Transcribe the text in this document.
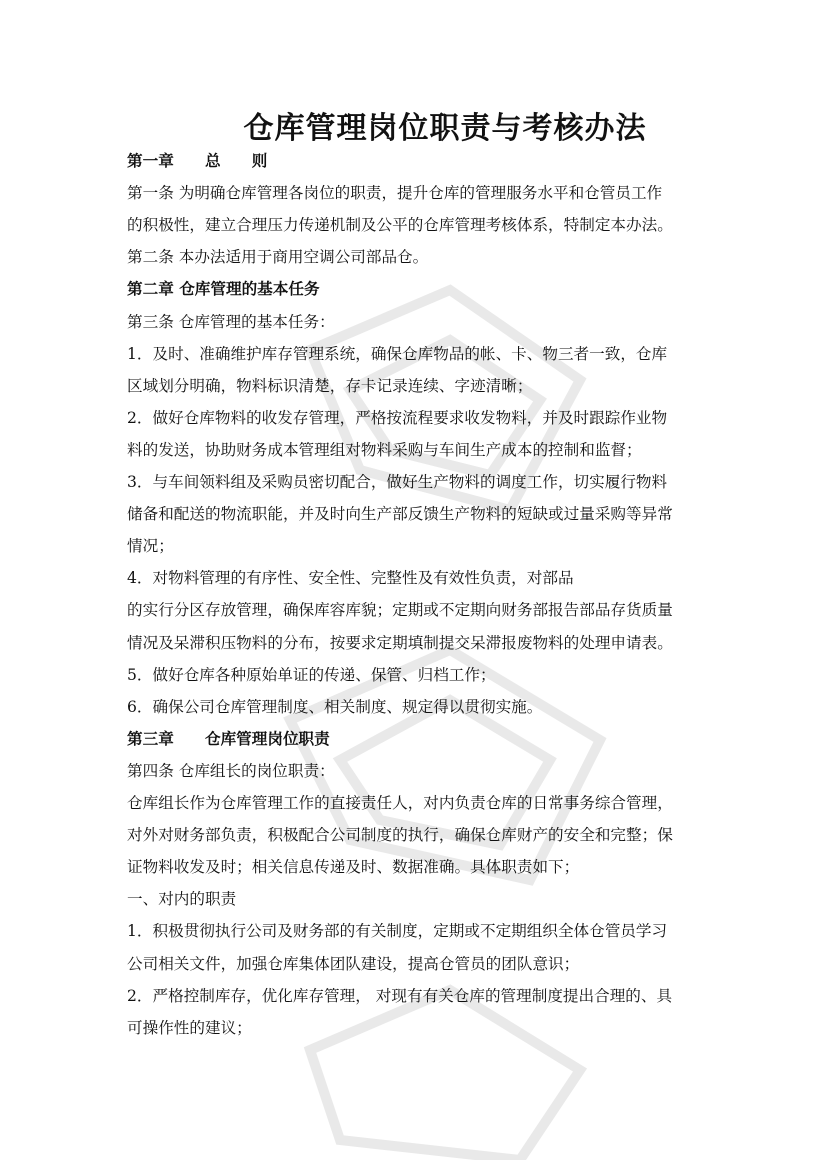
仓库管理岗位职责与考核办法
第一章　　总　　则
第一条 为明确仓库管理各岗位的职责，提升仓库的管理服务水平和仓管员工作
的积极性，建立合理压力传递机制及公平的仓库管理考核体系，特制定本办法。
第二条 本办法适用于商用空调公司部品仓。
第二章 仓库管理的基本任务
第三条 仓库管理的基本任务：
1．及时、准确维护库存管理系统，确保仓库物品的帐、卡、物三者一致，仓库
区域划分明确，物料标识清楚，存卡记录连续、字迹清晰；
2．做好仓库物料的收发存管理，严格按流程要求收发物料，并及时跟踪作业物
料的发送，协助财务成本管理组对物料采购与车间生产成本的控制和监督；
3．与车间领料组及采购员密切配合，做好生产物料的调度工作，切实履行物料
储备和配送的物流职能，并及时向生产部反馈生产物料的短缺或过量采购等异常
情况；
4．对物料管理的有序性、安全性、完整性及有效性负责，对部品
的实行分区存放管理，确保库容库貌；定期或不定期向财务部报告部品存货质量
情况及呆滞积压物料的分布，按要求定期填制提交呆滞报废物料的处理申请表。
5．做好仓库各种原始单证的传递、保管、归档工作；
6．确保公司仓库管理制度、相关制度、规定得以贯彻实施。
第三章　　仓库管理岗位职责
第四条 仓库组长的岗位职责：
仓库组长作为仓库管理工作的直接责任人，对内负责仓库的日常事务综合管理，
对外对财务部负责，积极配合公司制度的执行，确保仓库财产的安全和完整；保
证物料收发及时；相关信息传递及时、数据准确。具体职责如下；
一、对内的职责
1．积极贯彻执行公司及财务部的有关制度，定期或不定期组织全体仓管员学习
公司相关文件，加强仓库集体团队建设，提高仓管员的团队意识；
2．严格控制库存，优化库存管理， 对现有有关仓库的管理制度提出合理的、具
可操作性的建议；
